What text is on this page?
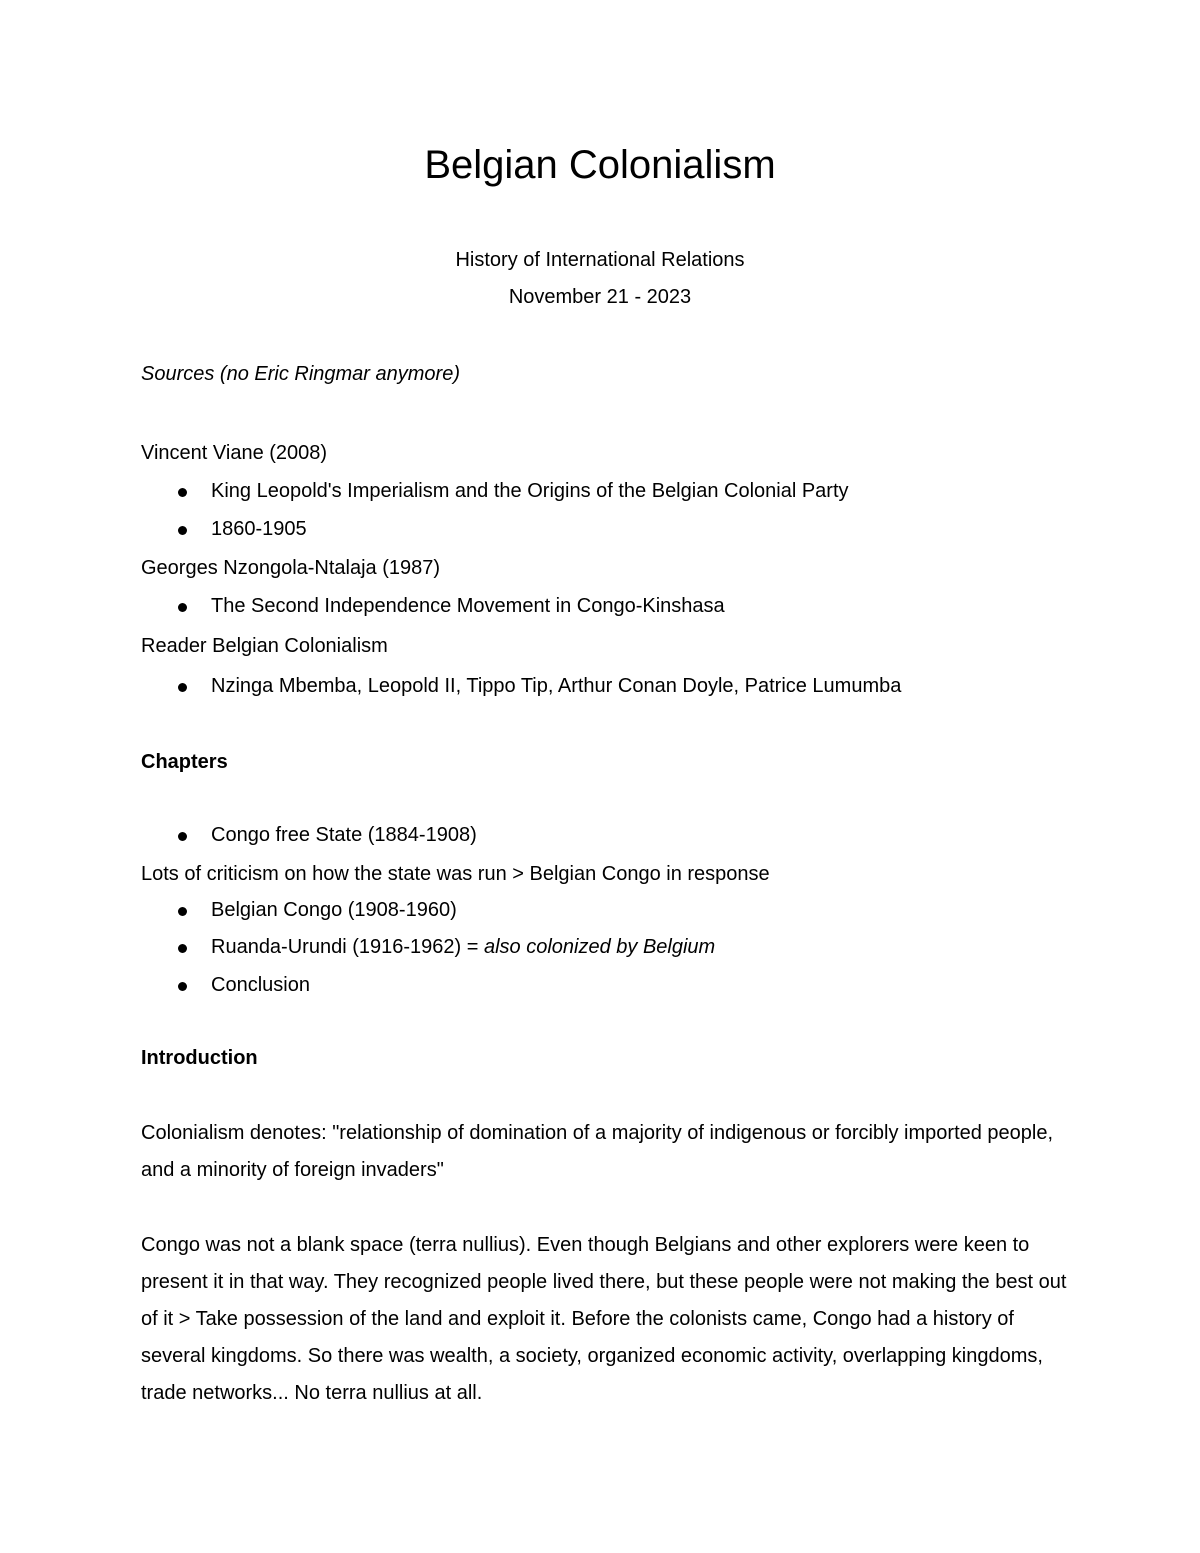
Belgian Colonialism
History of International Relations
November 21 - 2023
Sources (no Eric Ringmar anymore)
Vincent Viane (2008)
King Leopold's Imperialism and the Origins of the Belgian Colonial Party
1860-1905
Georges Nzongola-Ntalaja (1987)
The Second Independence Movement in Congo-Kinshasa
Reader Belgian Colonialism
Nzinga Mbemba, Leopold II, Tippo Tip, Arthur Conan Doyle, Patrice Lumumba
Chapters
Congo free State (1884-1908)
Lots of criticism on how the state was run > Belgian Congo in response
Belgian Congo (1908-1960)
Ruanda-Urundi (1916-1962) = also colonized by Belgium
Conclusion
Introduction

Colonialism denotes: "relationship of domination of a majority of indigenous or forcibly imported people, and a minority of foreign invaders"

Congo was not a blank space (terra nullius). Even though Belgians and other explorers were keen to present it in that way. They recognized people lived there, but these people were not making the best out of it > Take possession of the land and exploit it. Before the colonists came, Congo had a history of several kingdoms. So there was wealth, a society, organized economic activity, overlapping kingdoms, trade networks... No terra nullius at all.
